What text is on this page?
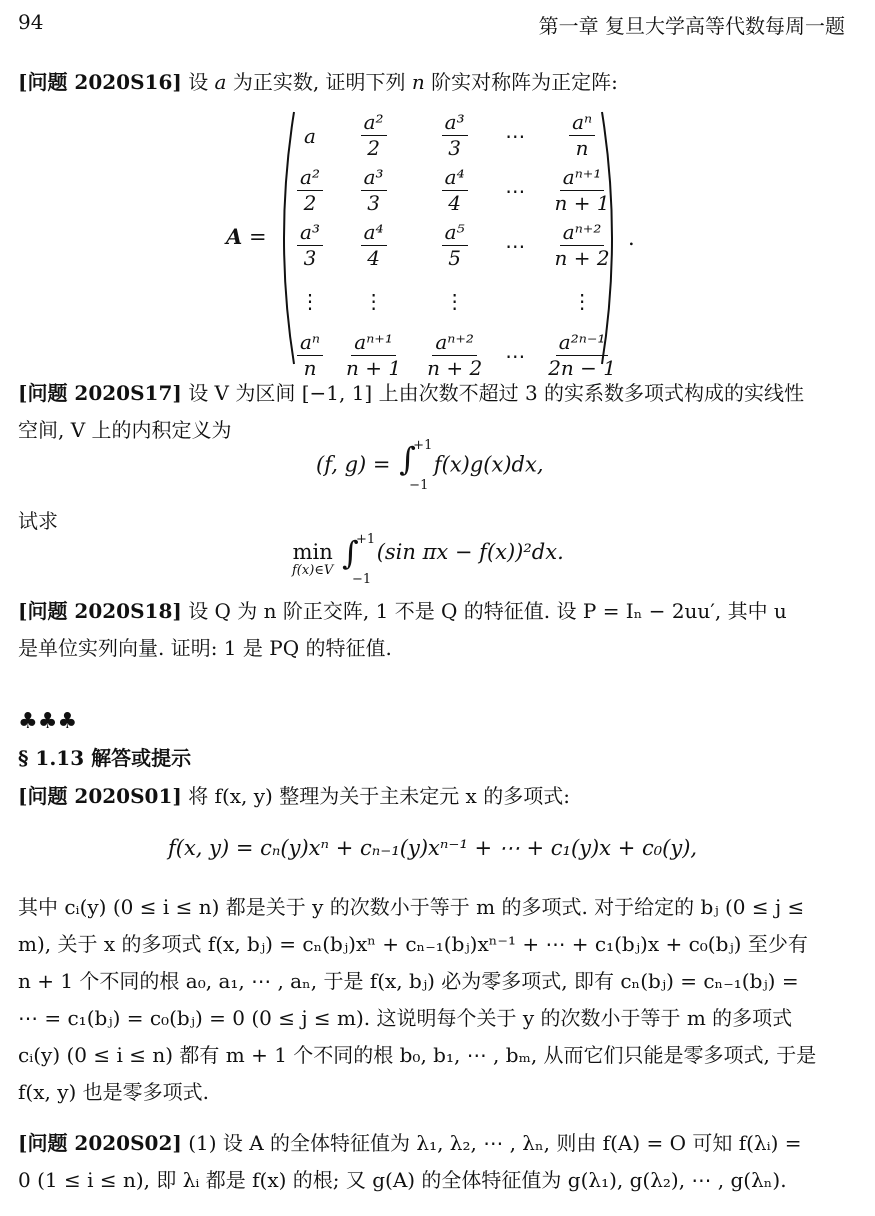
94	第一章 复旦大学高等代数每周一题
[问题 2020S16] 设 a 为正实数, 证明下列 n 阶实对称阵为正定阵:
A =
a	$\frac{\text{a²}}{2}$	$\frac{\text{a³}}{3}$	⋯	$\frac{\text{aⁿ}}{n}$

$\frac{\text{a²}}{2}$	$\frac{\text{a³}}{3}$	$\frac{\text{a⁴}}{4}$	⋯	$\frac{\text{aⁿ⁺¹}}{n + 1}$

$\frac{\text{a³}}{3}$	$\frac{\text{a⁴}}{4}$	$\frac{\text{a⁵}}{5}$	⋯	$\frac{\text{aⁿ⁺²}}{n + 2}$

⋮	⋮	⋮		⋮

$\frac{\text{aⁿ}}{n}$	$\frac{\text{aⁿ⁺¹}}{n + 1}$	$\frac{\text{aⁿ⁺²}}{n + 2}$	⋯	$\frac{\text{a²ⁿ⁻¹}}{2n - 1}$
.
[问题 2020S17] 设 V 为区间 [−1, 1] 上由次数不超过 3 的实系数多项式构成的实线性
空间, V 上的内积定义为
(f, g) = ∫
+1
−1
f(x)g(x)dx,
试求
min
f(x)∈V
∫
+1
−1
(sin πx − f(x))²dx.
[问题 2020S18] 设 Q 为 n 阶正交阵, 1 不是 Q 的特征值. 设 P = Iₙ − 2uu′, 其中 u
是单位实列向量. 证明: 1 是 PQ 的特征值.
♣♣♣
§ 1.13 解答或提示
[问题 2020S01] 将 f(x, y) 整理为关于主未定元 x 的多项式:
f(x, y) = cₙ(y)xⁿ + cₙ₋₁(y)xⁿ⁻¹ + ⋯ + c₁(y)x + c₀(y),
其中 cᵢ(y) (0 ≤ i ≤ n) 都是关于 y 的次数小于等于 m 的多项式. 对于给定的 bⱼ (0 ≤ j ≤
m), 关于 x 的多项式 f(x, bⱼ) = cₙ(bⱼ)xⁿ + cₙ₋₁(bⱼ)xⁿ⁻¹ + ⋯ + c₁(bⱼ)x + c₀(bⱼ) 至少有
n + 1 个不同的根 a₀, a₁, ⋯ , aₙ, 于是 f(x, bⱼ) 必为零多项式, 即有 cₙ(bⱼ) = cₙ₋₁(bⱼ) =
⋯ = c₁(bⱼ) = c₀(bⱼ) = 0 (0 ≤ j ≤ m). 这说明每个关于 y 的次数小于等于 m 的多项式
cᵢ(y) (0 ≤ i ≤ n) 都有 m + 1 个不同的根 b₀, b₁, ⋯ , bₘ, 从而它们只能是零多项式, 于是
f(x, y) 也是零多项式.
[问题 2020S02] (1) 设 A 的全体特征值为 λ₁, λ₂, ⋯ , λₙ, 则由 f(A) = O 可知 f(λᵢ) =
0 (1 ≤ i ≤ n), 即 λᵢ 都是 f(x) 的根; 又 g(A) 的全体特征值为 g(λ₁), g(λ₂), ⋯ , g(λₙ).
